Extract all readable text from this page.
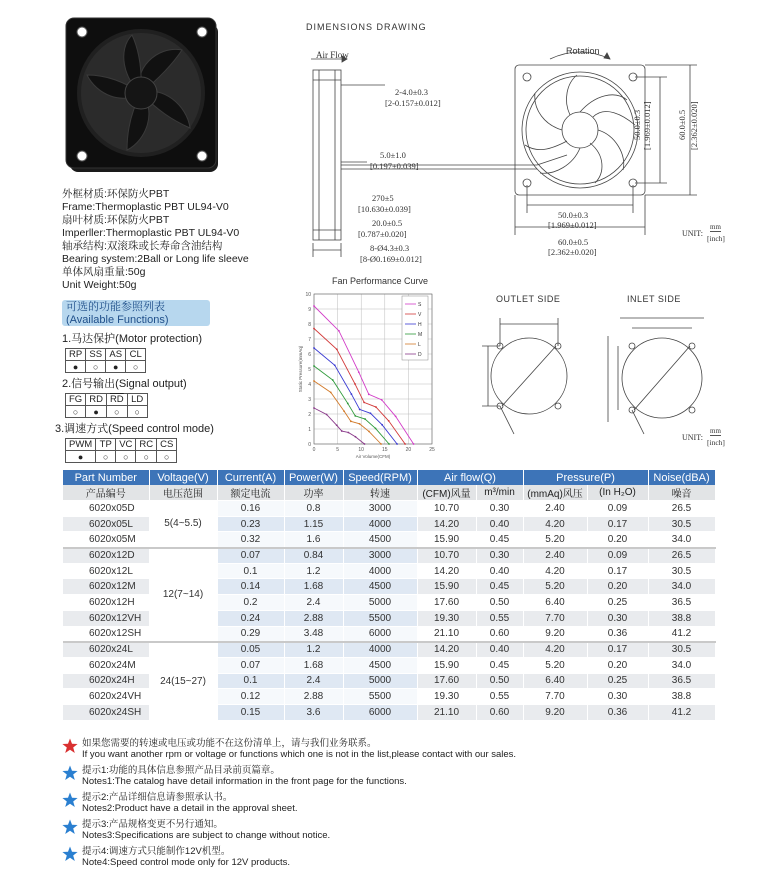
外框材质:环保防火PBT
Frame:Thermoplastic PBT UL94-V0
扇叶材质:环保防火PBT
Imperller:Thermoplastic PBT UL94-V0
轴承结构:双滚珠或长寿命含油结构
Bearing system:2Ball or Long life sleeve
单体风扇重量:50g
Unit Weight:50g
可选的功能参照列表
(Available Functions)
1.马达保护(Motor protection)
RP	SS	AS	CL
●	○	●	○
2.信号输出(Signal output)
FG	RD	$\overline{RD}$	LD
○	●	○	○
3.调速方式(Speed control mode)
PWM	TP	VC	RC	CS
●	○	○	○	○
DIMENSIONS DRAWING
Air Flow	Rotation
2-4.0±0.3
[2-0.157±0.012]
5.0±1.0
[0.197±0.039]
270±5
[10.630±0.039]
20.0±0.5
[0.787±0.020]
8-Ø4.3±0.3
[8-Ø0.169±0.012]
50.0±0.3
[1.969±0.012]
60.0±0.5
[2.362±0.020]
50.0±0.3 [1.969±0.012]	60.0±0.5 [2.362±0.020]
UNIT:
mm
[inch]
Fan Performance Curve
0
1
2
3
4
5
6
7
8
9
10
0	5	10	15	20	25
Air Volume(CFM)
Static Pressure(mmAq)
S
V
H
M
L
D
OUTLET SIDE	INLET SIDE
UNIT:
mm
[inch]
Part Number	Voltage(V)	Current(A)	Power(W)	Speed(RPM)	Air flow(Q)		Pressure(P)		Noise(dBA)
产品编号	电压范围	额定电流	功率	转速	(CFM)风量	m³/min	(mmAq)风压	(In H₂O)	噪音
6020x05D	5(4~5.5)	0.16	0.8	3000	10.70	0.30	2.40	0.09	26.5
6020x05L		0.23	1.15	4000	14.20	0.40	4.20	0.17	30.5
6020x05M		0.32	1.6	4500	15.90	0.45	5.20	0.20	34.0
6020x12D	12(7~14)	0.07	0.84	3000	10.70	0.30	2.40	0.09	26.5
6020x12L		0.1	1.2	4000	14.20	0.40	4.20	0.17	30.5
6020x12M		0.14	1.68	4500	15.90	0.45	5.20	0.20	34.0
6020x12H		0.2	2.4	5000	17.60	0.50	6.40	0.25	36.5
6020x12VH		0.24	2.88	5500	19.30	0.55	7.70	0.30	38.8
6020x12SH		0.29	3.48	6000	21.10	0.60	9.20	0.36	41.2
6020x24L	24(15~27)	0.05	1.2	4000	14.20	0.40	4.20	0.17	30.5
6020x24M		0.07	1.68	4500	15.90	0.45	5.20	0.20	34.0
6020x24H		0.1	2.4	5000	17.60	0.50	6.40	0.25	36.5
6020x24VH		0.12	2.88	5500	19.30	0.55	7.70	0.30	38.8
6020x24SH		0.15	3.6	6000	21.10	0.60	9.20	0.36	41.2
如果您需要的转速或电压或功能不在这份清单上，请与我们业务联系。
If you want another rpm or voltage or functions which one is not in the list,please contact with our sales.
提示1:功能的具体信息参照产品目录前页篇章。
Notes1:The catalog have detail information in the front page for the functions.
提示2:产品详细信息请参照承认书。
Notes2:Product have a detail in the approval sheet.
提示3:产品规格变更不另行通知。
Notes3:Specifications are subject to change without notice.
提示4:调速方式只能制作12V机型。
Note4:Speed control mode only for 12V products.
